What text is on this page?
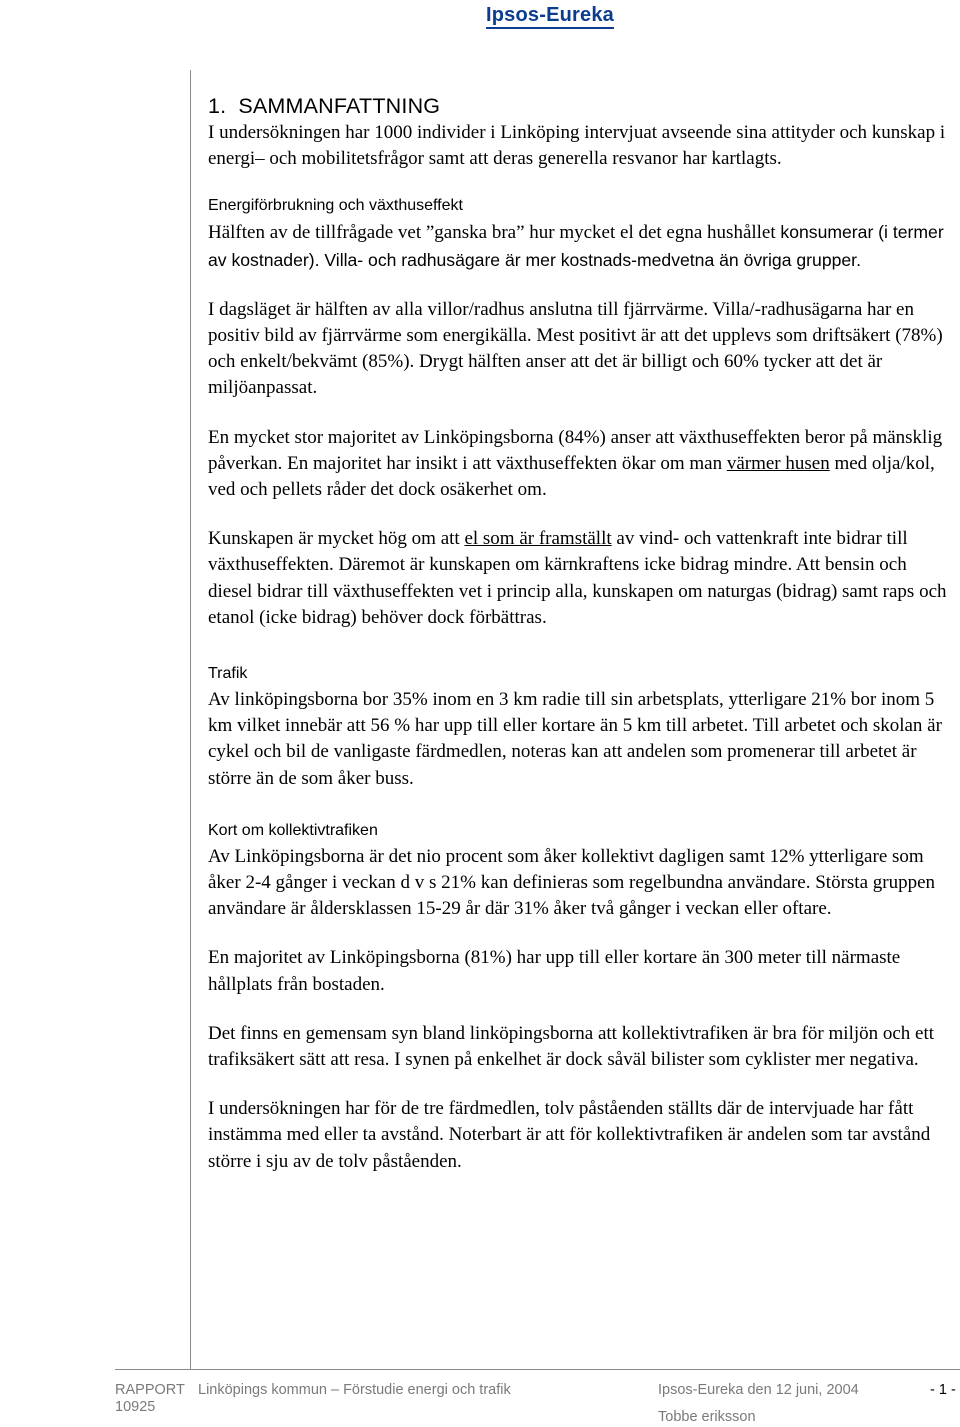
Ipsos-Eureka
1. SAMMANFATTNING

I undersökningen har 1000 individer i Linköping intervjuat avseende sina attityder och kunskap i energi– och mobilitetsfrågor samt att deras generella resvanor har kartlagts.

Energiförbrukning och växthuseffekt

Hälften av de tillfrågade vet ”ganska bra” hur mycket el det egna hushållet konsumerar (i termer av kostnader). Villa- och radhusägare är mer kostnads-medvetna än övriga grupper.

I dagsläget är hälften av alla villor/radhus anslutna till fjärrvärme. Villa/-radhusägarna har en positiv bild av fjärrvärme som energikälla. Mest positivt är att det upplevs som driftsäkert (78%) och enkelt/bekvämt (85%). Drygt hälften anser att det är billigt och 60% tycker att det är miljöanpassat.

En mycket stor majoritet av Linköpingsborna (84%) anser att växthuseffekten beror på mänsklig påverkan. En majoritet har insikt i att växthuseffekten ökar om man värmer husen med olja/kol, ved och pellets råder det dock osäkerhet om.

Kunskapen är mycket hög om att el som är framställt av vind- och vattenkraft inte bidrar till växthuseffekten. Däremot är kunskapen om kärnkraftens icke bidrag mindre. Att bensin och diesel bidrar till växthuseffekten vet i princip alla, kunskapen om naturgas (bidrag) samt raps och etanol (icke bidrag) behöver dock förbättras.

Trafik

Av linköpingsborna bor 35% inom en 3 km radie till sin arbetsplats, ytterligare 21% bor inom 5 km vilket innebär att 56 % har upp till eller kortare än 5 km till arbetet. Till arbetet och skolan är cykel och bil de vanligaste färdmedlen, noteras kan att andelen som promenerar till arbetet är större än de som åker buss.

Kort om kollektivtrafiken

Av Linköpingsborna är det nio procent som åker kollektivt dagligen samt 12% ytterligare som åker 2-4 gånger i veckan d v s 21% kan definieras som regelbundna användare. Största gruppen användare är åldersklassen 15-29 år där 31% åker två gånger i veckan eller oftare.

En majoritet av Linköpingsborna (81%) har upp till eller kortare än 300 meter till närmaste hållplats från bostaden.

Det finns en gemensam syn bland linköpingsborna att kollektivtrafiken är bra för miljön och ett trafiksäkert sätt att resa. I synen på enkelhet är dock såväl bilister som cyklister mer negativa.

I undersökningen har för de tre färdmedlen, tolv påståenden ställts där de intervjuade har fått instämma med eller ta avstånd. Noterbart är att för kollektivtrafiken är andelen som tar avstånd större i sju av de tolv påståenden.

RAPPORT
10925
Linköpings kommun – Förstudie energi och trafik	Ipsos-Eureka den 12 juni, 2004
Tobbe eriksson
- 1 -
